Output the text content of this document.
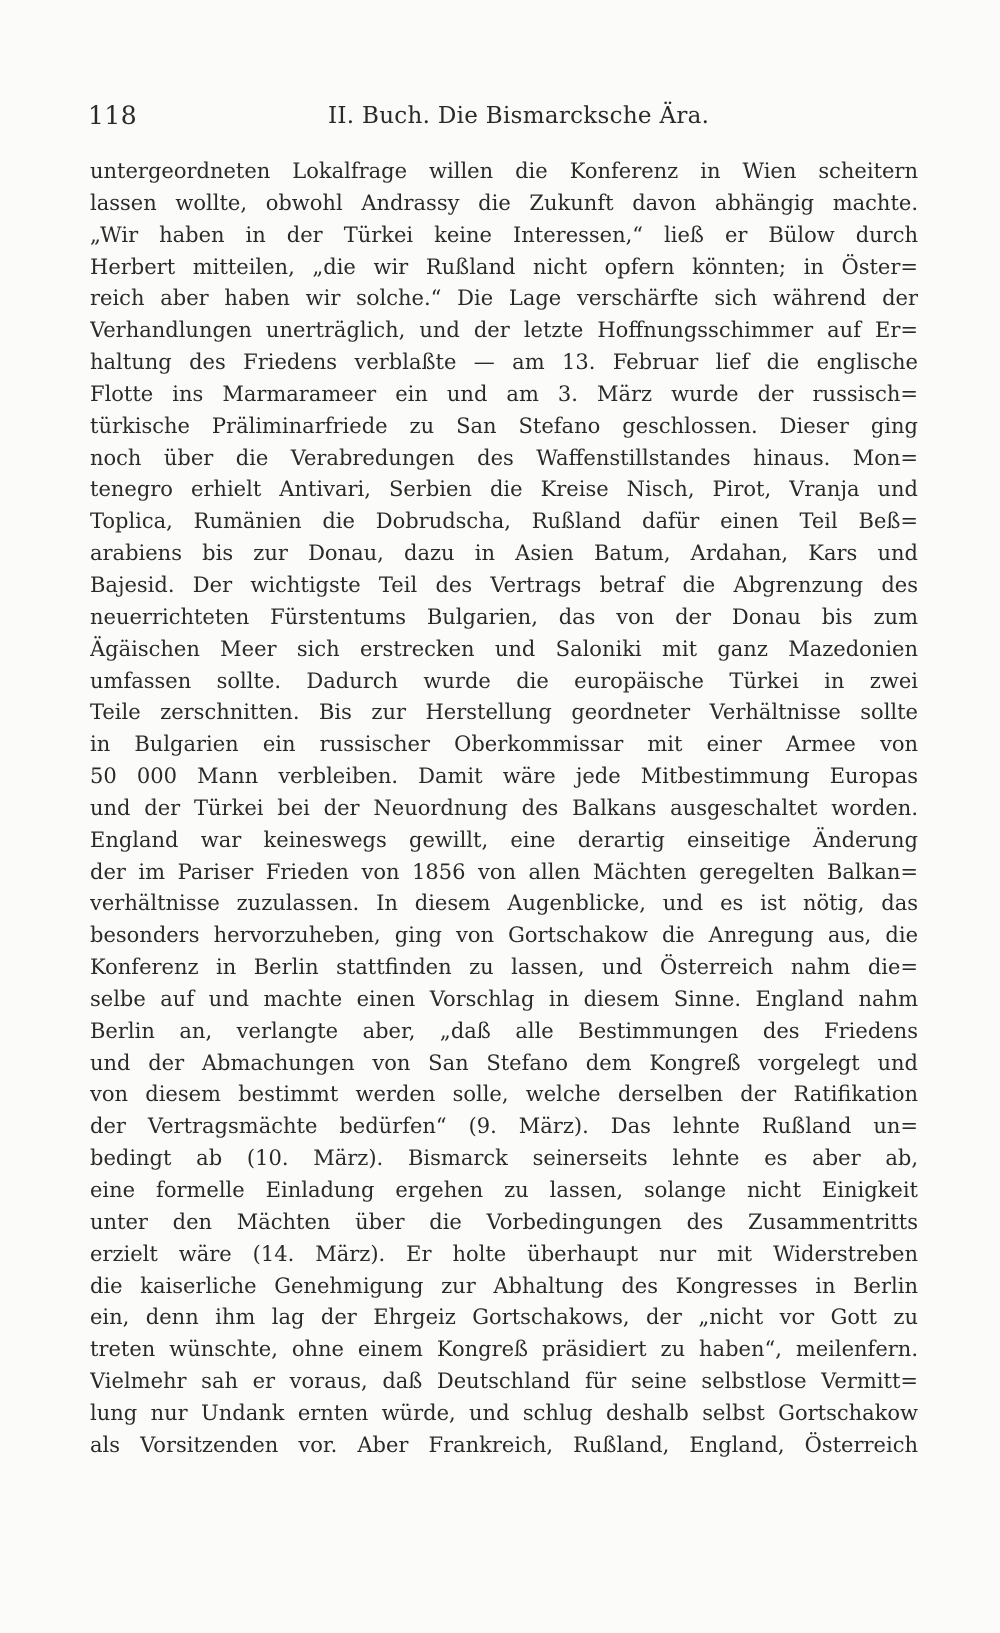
118	II. Buch. Die Bismarcksche Ära.
untergeordneten Lokalfrage willen die Konferenz in Wien scheitern
lassen wollte, obwohl Andrassy die Zukunft davon abhängig machte.
„Wir haben in der Türkei keine Interessen,“ ließ er Bülow durch
Herbert mitteilen, „die wir Rußland nicht opfern könnten; in Öster=
reich aber haben wir solche.“ Die Lage verschärfte sich während der
Verhandlungen unerträglich, und der letzte Hoffnungsschimmer auf Er=
haltung des Friedens verblaßte — am 13. Februar lief die englische
Flotte ins Marmarameer ein und am 3. März wurde der russisch=
türkische Präliminarfriede zu San Stefano geschlossen. Dieser ging
noch über die Verabredungen des Waffenstillstandes hinaus. Mon=
tenegro erhielt Antivari, Serbien die Kreise Nisch, Pirot, Vranja und
Toplica, Rumänien die Dobrudscha, Rußland dafür einen Teil Beß=
arabiens bis zur Donau, dazu in Asien Batum, Ardahan, Kars und
Bajesid. Der wichtigste Teil des Vertrags betraf die Abgrenzung des
neuerrichteten Fürstentums Bulgarien, das von der Donau bis zum
Ägäischen Meer sich erstrecken und Saloniki mit ganz Mazedonien
umfassen sollte. Dadurch wurde die europäische Türkei in zwei
Teile zerschnitten. Bis zur Herstellung geordneter Verhältnisse sollte
in Bulgarien ein russischer Oberkommissar mit einer Armee von
50 000 Mann verbleiben. Damit wäre jede Mitbestimmung Europas
und der Türkei bei der Neuordnung des Balkans ausgeschaltet worden.
England war keineswegs gewillt, eine derartig einseitige Änderung
der im Pariser Frieden von 1856 von allen Mächten geregelten Balkan=
verhältnisse zuzulassen. In diesem Augenblicke, und es ist nötig, das
besonders hervorzuheben, ging von Gortschakow die Anregung aus, die
Konferenz in Berlin stattfinden zu lassen, und Österreich nahm die=
selbe auf und machte einen Vorschlag in diesem Sinne. England nahm
Berlin an, verlangte aber, „daß alle Bestimmungen des Friedens
und der Abmachungen von San Stefano dem Kongreß vorgelegt und
von diesem bestimmt werden solle, welche derselben der Ratifikation
der Vertragsmächte bedürfen“ (9. März). Das lehnte Rußland un=
bedingt ab (10. März). Bismarck seinerseits lehnte es aber ab,
eine formelle Einladung ergehen zu lassen, solange nicht Einigkeit
unter den Mächten über die Vorbedingungen des Zusammentritts
erzielt wäre (14. März). Er holte überhaupt nur mit Widerstreben
die kaiserliche Genehmigung zur Abhaltung des Kongresses in Berlin
ein, denn ihm lag der Ehrgeiz Gortschakows, der „nicht vor Gott zu
treten wünschte, ohne einem Kongreß präsidiert zu haben“, meilenfern.
Vielmehr sah er voraus, daß Deutschland für seine selbstlose Vermitt=
lung nur Undank ernten würde, und schlug deshalb selbst Gortschakow
als Vorsitzenden vor. Aber Frankreich, Rußland, England, Österreich
